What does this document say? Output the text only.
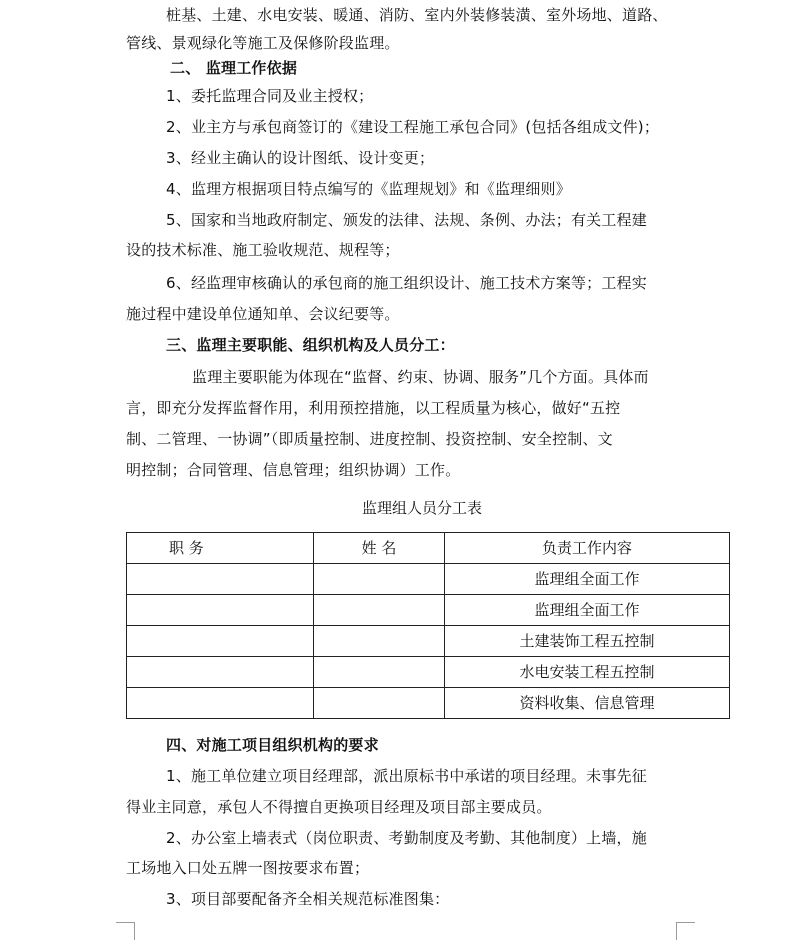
桩基、土建、水电安装、暖通、消防、室内外装修装潢、室外场地、道路、
管线、景观绿化等施工及保修阶段监理。
二、 监理工作依据
1、委托监理合同及业主授权；
2、业主方与承包商签订的《建设工程施工承包合同》(包括各组成文件)；
3、经业主确认的设计图纸、设计变更；
4、监理方根据项目特点编写的《监理规划》和《监理细则》
5、国家和当地政府制定、颁发的法律、法规、条例、办法；有关工程建
设的技术标准、施工验收规范、规程等；
6、经监理审核确认的承包商的施工组织设计、施工技术方案等；工程实
施过程中建设单位通知单、会议纪要等。
三、监理主要职能、组织机构及人员分工：
监理主要职能为体现在“监督、约束、协调、服务”几个方面。具体而
言，即充分发挥监督作用，利用预控措施，以工程质量为核心，做好“五控
制、二管理、一协调”（即质量控制、进度控制、投资控制、安全控制、文
明控制；合同管理、信息管理；组织协调）工作。
监理组人员分工表
职 务	姓 名	负责工作内容
		监理组全面工作
		监理组全面工作
		土建装饰工程五控制
		水电安装工程五控制
		资料收集、信息管理
四、对施工项目组织机构的要求
1、施工单位建立项目经理部，派出原标书中承诺的项目经理。未事先征
得业主同意，承包人不得擅自更换项目经理及项目部主要成员。
2、办公室上墙表式（岗位职责、考勤制度及考勤、其他制度）上墙，施
工场地入口处五牌一图按要求布置；
3、项目部要配备齐全相关规范标准图集：
